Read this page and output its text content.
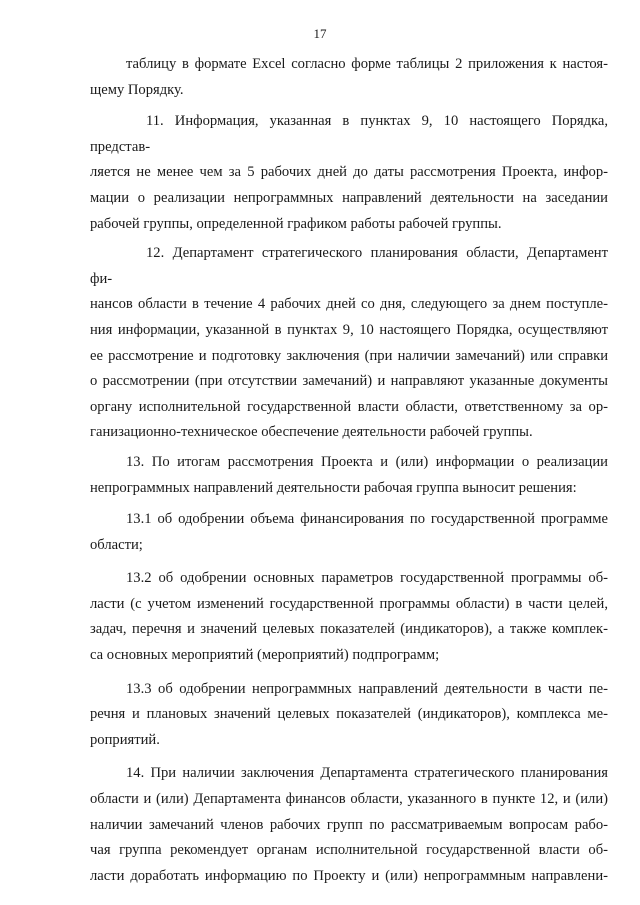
17
таблицу в формате Excel согласно форме таблицы 2 приложения к настоя-
щему Порядку.
11. Информация, указанная в пунктах 9, 10 настоящего Порядка, представ-
ляется не менее чем за 5 рабочих дней до даты рассмотрения Проекта, инфор-
мации о реализации непрограммных направлений деятельности на заседании
рабочей группы, определенной графиком работы рабочей группы.
12. Департамент стратегического планирования области, Департамент фи-
нансов области в течение 4 рабочих дней со дня, следующего за днем поступле-
ния информации, указанной в пунктах 9, 10 настоящего Порядка, осуществляют
ее рассмотрение и подготовку заключения (при наличии замечаний) или справки
о рассмотрении (при отсутствии замечаний) и направляют указанные документы
органу исполнительной государственной власти области, ответственному за ор-
ганизационно-техническое обеспечение деятельности рабочей группы.
13. По итогам рассмотрения Проекта и (или) информации о реализации
непрограммных направлений деятельности рабочая группа выносит решения:
13.1 об одобрении объема финансирования по государственной программе
области;
13.2 об одобрении основных параметров государственной программы об-
ласти (с учетом изменений государственной программы области) в части целей,
задач, перечня и значений целевых показателей (индикаторов), а также комплек-
са основных мероприятий (мероприятий) подпрограмм;
13.3 об одобрении непрограммных направлений деятельности в части пе-
речня и плановых значений целевых показателей (индикаторов), комплекса ме-
роприятий.
14. При наличии заключения Департамента стратегического планирования
области и (или) Департамента финансов области, указанного в пункте 12, и (или)
наличии замечаний членов рабочих групп по рассматриваемым вопросам рабо-
чая группа рекомендует органам исполнительной государственной власти об-
ласти доработать информацию по Проекту и (или) непрограммным направлени-
